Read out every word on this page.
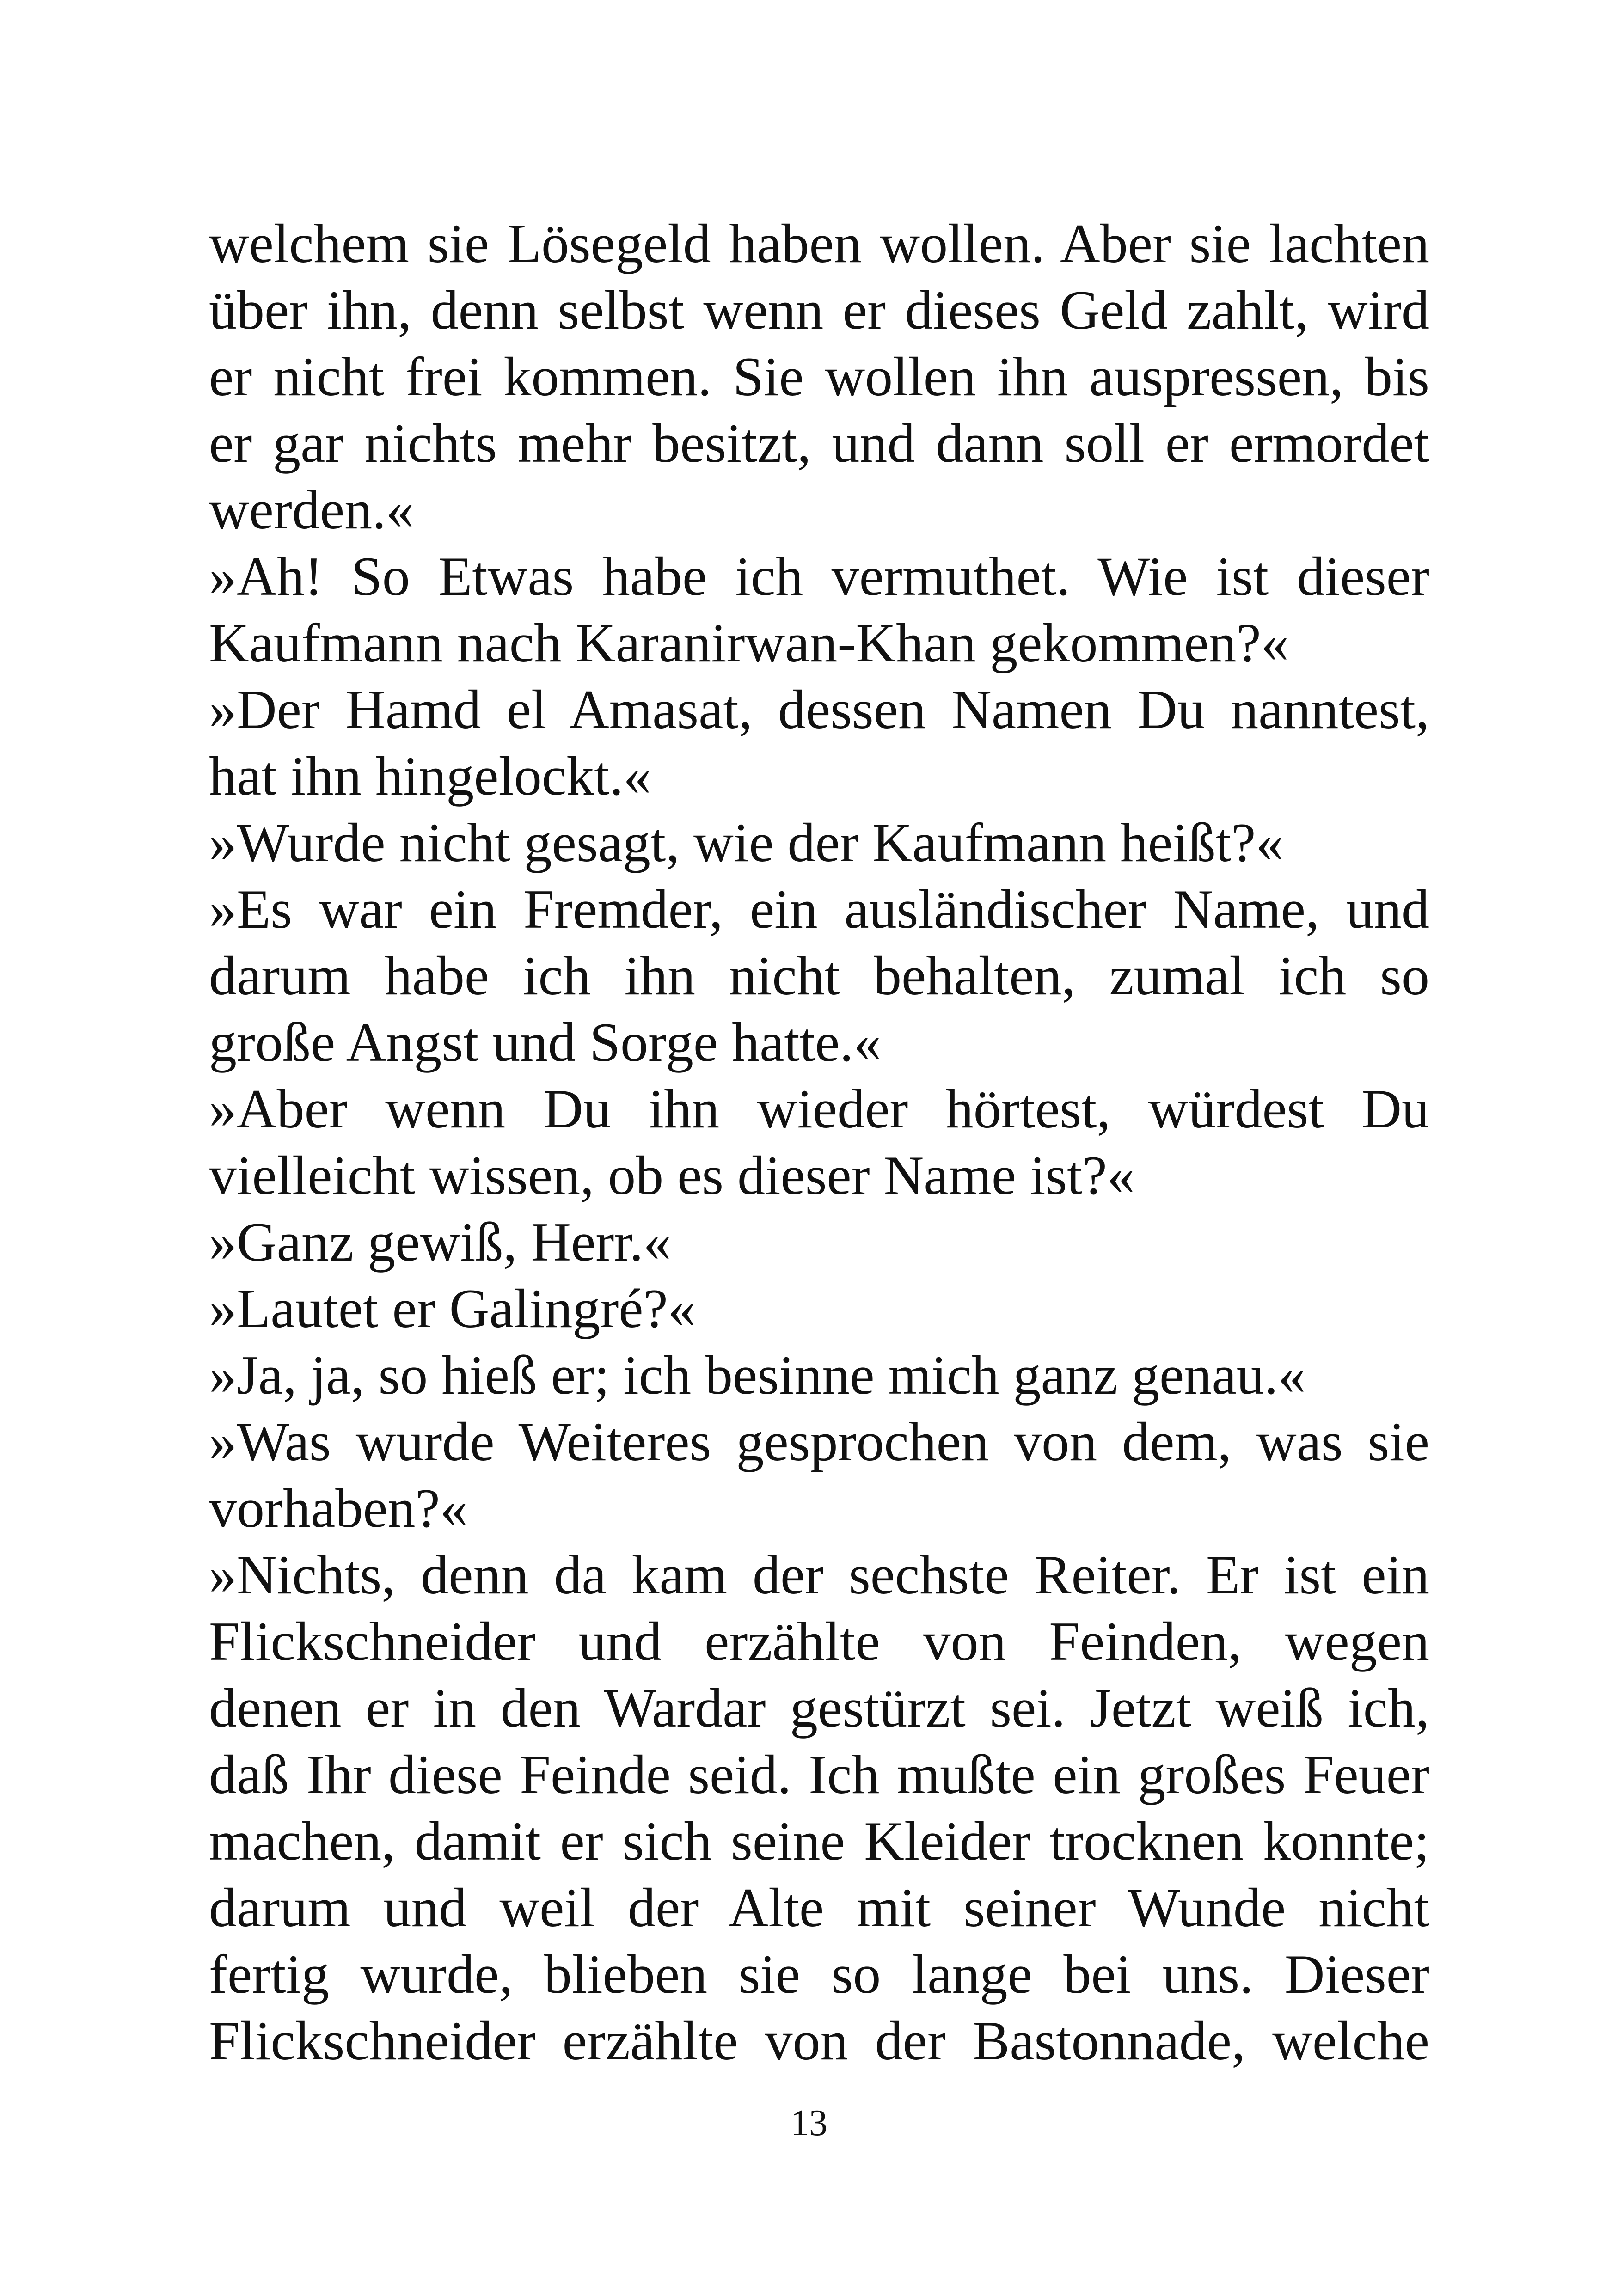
welchem sie Lösegeld haben wollen. Aber sie lachten
über ihn, denn selbst wenn er dieses Geld zahlt, wird
er nicht frei kommen. Sie wollen ihn auspressen, bis
er gar nichts mehr besitzt, und dann soll er ermordet
werden.«
»Ah! So Etwas habe ich vermuthet. Wie ist dieser
Kaufmann nach Karanirwan-Khan gekommen?«
»Der Hamd el Amasat, dessen Namen Du nanntest,
hat ihn hingelockt.«
»Wurde nicht gesagt, wie der Kaufmann heißt?«
»Es war ein Fremder, ein ausländischer Name, und
darum habe ich ihn nicht behalten, zumal ich so
große Angst und Sorge hatte.«
»Aber wenn Du ihn wieder hörtest, würdest Du
vielleicht wissen, ob es dieser Name ist?«
»Ganz gewiß, Herr.«
»Lautet er Galingré?«
»Ja, ja, so hieß er; ich besinne mich ganz genau.«
»Was wurde Weiteres gesprochen von dem, was sie
vorhaben?«
»Nichts, denn da kam der sechste Reiter. Er ist ein
Flickschneider und erzählte von Feinden, wegen
denen er in den Wardar gestürzt sei. Jetzt weiß ich,
daß Ihr diese Feinde seid. Ich mußte ein großes Feuer
machen, damit er sich seine Kleider trocknen konnte;
darum und weil der Alte mit seiner Wunde nicht
fertig wurde, blieben sie so lange bei uns. Dieser
Flickschneider erzählte von der Bastonnade, welche
13
